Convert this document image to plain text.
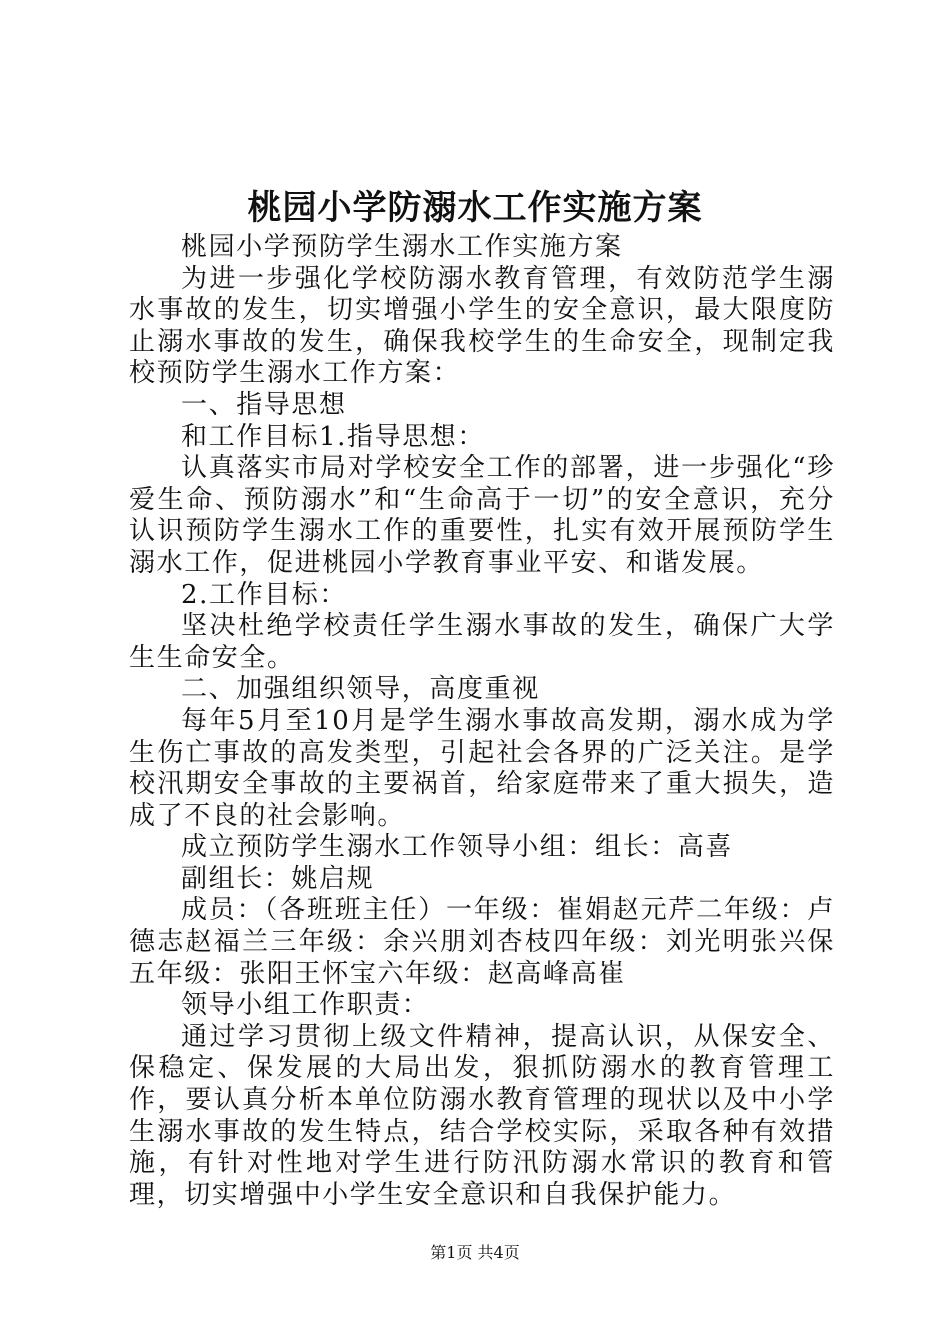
桃园小学防溺水工作实施方案

桃园小学预防学生溺水工作实施方案

为进一步强化学校防溺水教育管理，有效防范学生溺水事故的发生，切实增强小学生的安全意识，最大限度防止溺水事故的发生，确保我校学生的生命安全，现制定我校预防学生溺水工作方案：

一、指导思想

和工作目标1.指导思想：

认真落实市局对学校安全工作的部署，进一步强化“珍爱生命、预防溺水”和“生命高于一切”的安全意识，充分认识预防学生溺水工作的重要性，扎实有效开展预防学生溺水工作，促进桃园小学教育事业平安、和谐发展。

2.工作目标：

坚决杜绝学校责任学生溺水事故的发生，确保广大学生生命安全。

二、加强组织领导，高度重视

每年5月至10月是学生溺水事故高发期，溺水成为学生伤亡事故的高发类型，引起社会各界的广泛关注。是学校汛期安全事故的主要祸首，给家庭带来了重大损失，造成了不良的社会影响。

成立预防学生溺水工作领导小组：组长：高喜

副组长：姚启规

成员：（各班班主任）一年级：崔娟赵元芹二年级：卢德志赵福兰三年级：余兴朋刘杏枝四年级：刘光明张兴保五年级：张阳王怀宝六年级：赵高峰高崔

领导小组工作职责：

通过学习贯彻上级文件精神，提高认识，从保安全、保稳定、保发展的大局出发，狠抓防溺水的教育管理工作，要认真分析本单位防溺水教育管理的现状以及中小学生溺水事故的发生特点，结合学校实际，采取各种有效措施，有针对性地对学生进行防汛防溺水常识的教育和管理，切实增强中小学生安全意识和自我保护能力。

第1页 共4页
